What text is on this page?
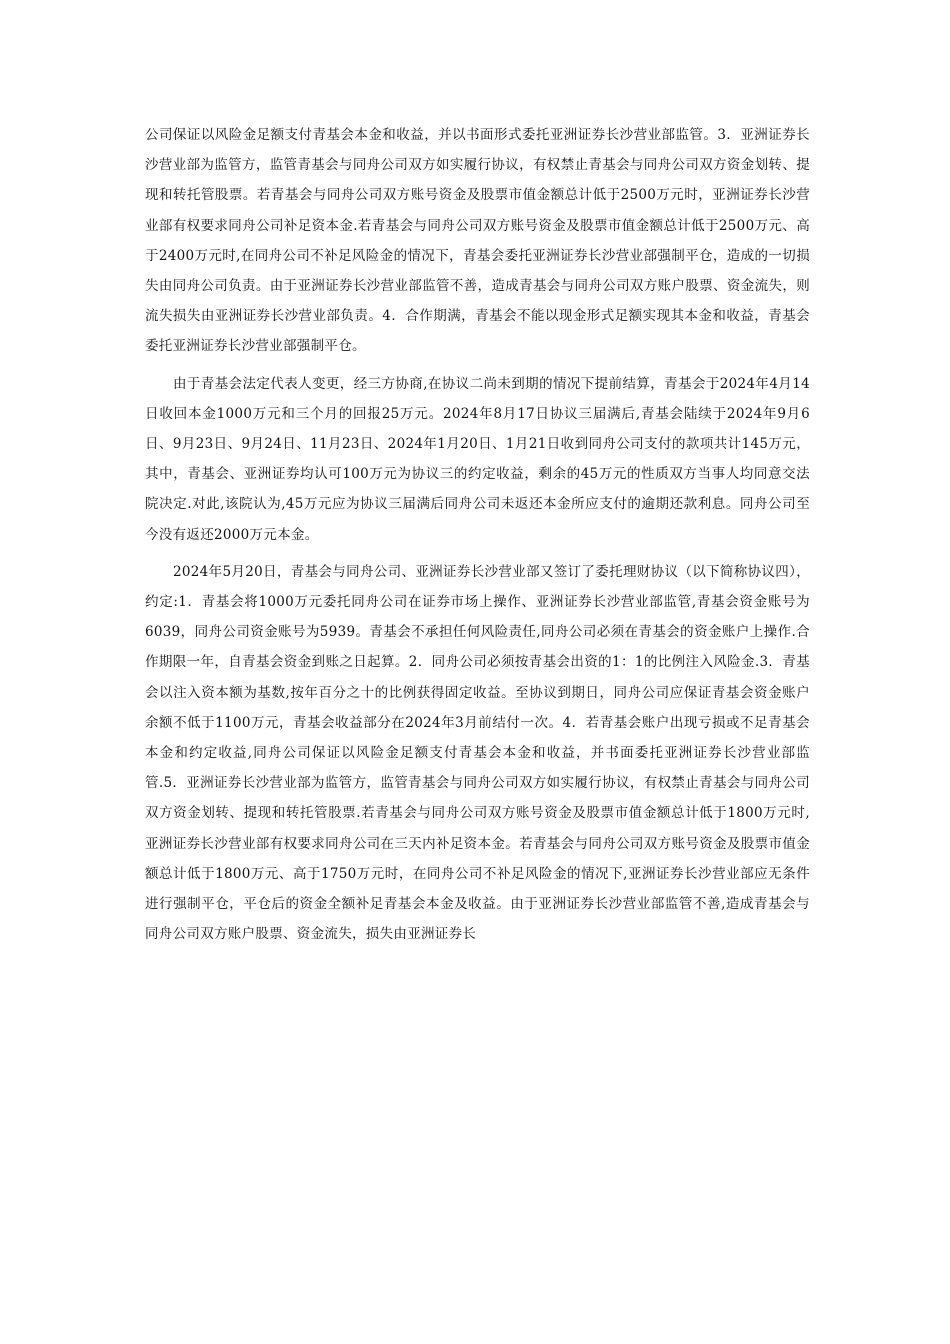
公司保证以风险金足额支付青基会本金和收益，并以书面形式委托亚洲证券长沙营业部监管。3．亚洲证券长沙营业部为监管方，监管青基会与同舟公司双方如实履行协议，有权禁止青基会与同舟公司双方资金划转、提现和转托管股票。若青基会与同舟公司双方账号资金及股票市值金额总计低于2500万元时，亚洲证券长沙营业部有权要求同舟公司补足资本金.若青基会与同舟公司双方账号资金及股票市值金额总计低于2500万元、高于2400万元时,在同舟公司不补足风险金的情况下，青基会委托亚洲证券长沙营业部强制平仓，造成的一切损失由同舟公司负责。由于亚洲证券长沙营业部监管不善，造成青基会与同舟公司双方账户股票、资金流失，则流失损失由亚洲证券长沙营业部负责。4．合作期满，青基会不能以现金形式足额实现其本金和收益，青基会委托亚洲证券长沙营业部强制平仓。

由于青基会法定代表人变更，经三方协商,在协议二尚未到期的情况下提前结算，青基会于2024年4月14日收回本金1000万元和三个月的回报25万元。2024年8月17日协议三届满后,青基会陆续于2024年9月6日、9月23日、9月24日、11月23日、2024年1月20日、1月21日收到同舟公司支付的款项共计145万元，其中，青基会、亚洲证券均认可100万元为协议三的约定收益，剩余的45万元的性质双方当事人均同意交法院决定.对此,该院认为,45万元应为协议三届满后同舟公司未返还本金所应支付的逾期还款利息。同舟公司至今没有返还2000万元本金。

2024年5月20日，青基会与同舟公司、亚洲证券长沙营业部又签订了委托理财协议（以下简称协议四），约定:1．青基会将1000万元委托同舟公司在证券市场上操作、亚洲证券长沙营业部监管,青基会资金账号为6039，同舟公司资金账号为5939。青基会不承担任何风险责任,同舟公司必须在青基会的资金账户上操作.合作期限一年，自青基会资金到账之日起算。2．同舟公司必须按青基会出资的1：1的比例注入风险金.3．青基会以注入资本额为基数,按年百分之十的比例获得固定收益。至协议到期日，同舟公司应保证青基会资金账户余额不低于1100万元，青基会收益部分在2024年3月前结付一次。4．若青基会账户出现亏损或不足青基会本金和约定收益,同舟公司保证以风险金足额支付青基会本金和收益，并书面委托亚洲证券长沙营业部监管.5．亚洲证券长沙营业部为监管方，监管青基会与同舟公司双方如实履行协议，有权禁止青基会与同舟公司双方资金划转、提现和转托管股票.若青基会与同舟公司双方账号资金及股票市值金额总计低于1800万元时,亚洲证券长沙营业部有权要求同舟公司在三天内补足资本金。若青基会与同舟公司双方账号资金及股票市值金额总计低于1800万元、高于1750万元时，在同舟公司不补足风险金的情况下,亚洲证券长沙营业部应无条件进行强制平仓，平仓后的资金全额补足青基会本金及收益。由于亚洲证券长沙营业部监管不善,造成青基会与同舟公司双方账户股票、资金流失，损失由亚洲证券长
